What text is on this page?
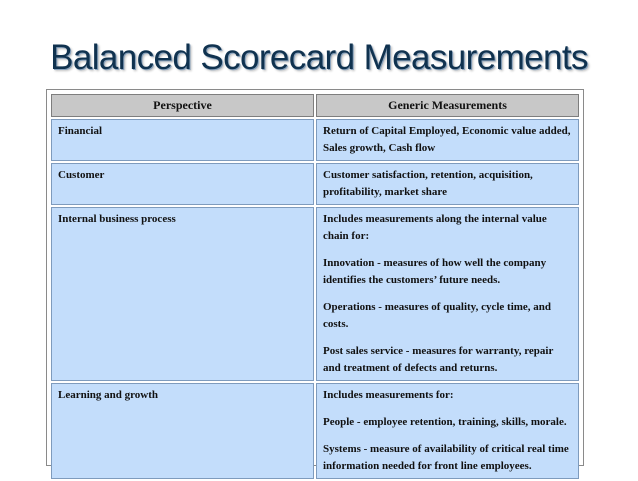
Balanced Scorecard Measurements
Perspective	Generic Measurements
Financial	Return of Capital Employed, Economic value added, Sales growth, Cash flow

Customer	Customer satisfaction, retention, acquisition, profitability, market share

Internal business process	Includes measurements along the internal value chain for:

Innovation - measures of how well the company identifies the customers’ future needs.

Operations - measures of quality, cycle time, and costs.

Post sales service - measures for warranty, repair and treatment of defects and returns.

Learning and growth	Includes measurements for:

People - employee retention, training, skills, morale.

Systems - measure of availability of critical real time information needed for front line employees.
